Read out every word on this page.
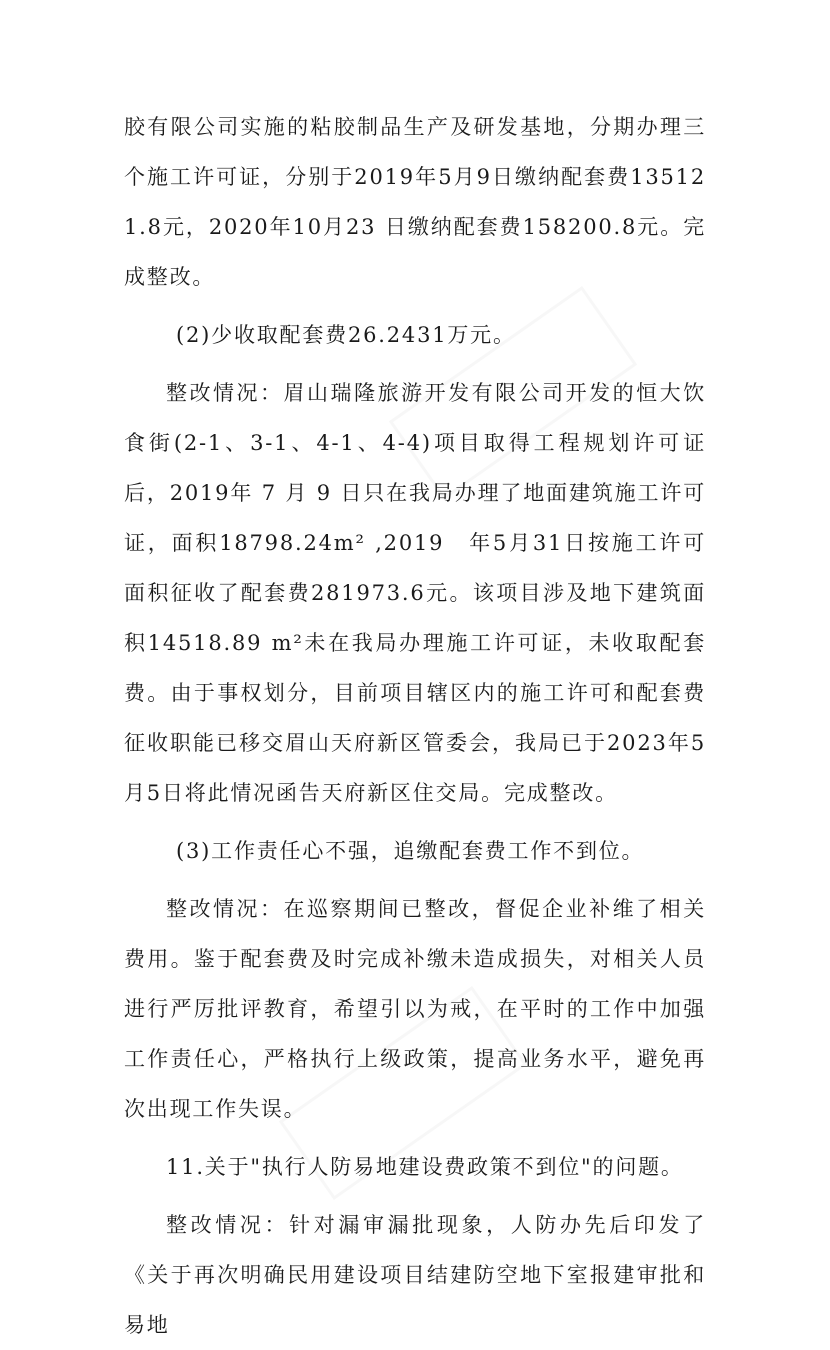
胶有限公司实施的粘胶制品生产及研发基地，分期办理三个施工许可证，分别于2019年5月9日缴纳配套费135121.8元，2020年10月23 日缴纳配套费158200.8元。完成整改。

(2)少收取配套费26.2431万元。

整改情况：眉山瑞隆旅游开发有限公司开发的恒大饮食街(2-1、3-1、4-1、4-4)项目取得工程规划许可证后，2019年 7 月 9 日只在我局办理了地面建筑施工许可证，面积18798.24m² ,2019　年5月31日按施工许可面积征收了配套费281973.6元。该项目涉及地下建筑面积14518.89 m²未在我局办理施工许可证，未收取配套费。由于事权划分，目前项目辖区内的施工许可和配套费征收职能已移交眉山天府新区管委会，我局已于2023年5月5日将此情况函告天府新区住交局。完成整改。

(3)工作责任心不强，追缴配套费工作不到位。

整改情况：在巡察期间已整改，督促企业补维了相关费用。鉴于配套费及时完成补缴未造成损失，对相关人员进行严厉批评教育，希望引以为戒，在平时的工作中加强工作责任心，严格执行上级政策，提高业务水平，避免再次出现工作失误。

11.关于"执行人防易地建设费政策不到位"的问题。

整改情况：针对漏审漏批现象，人防办先后印发了《关于再次明确民用建设项目结建防空地下室报建审批和易地
